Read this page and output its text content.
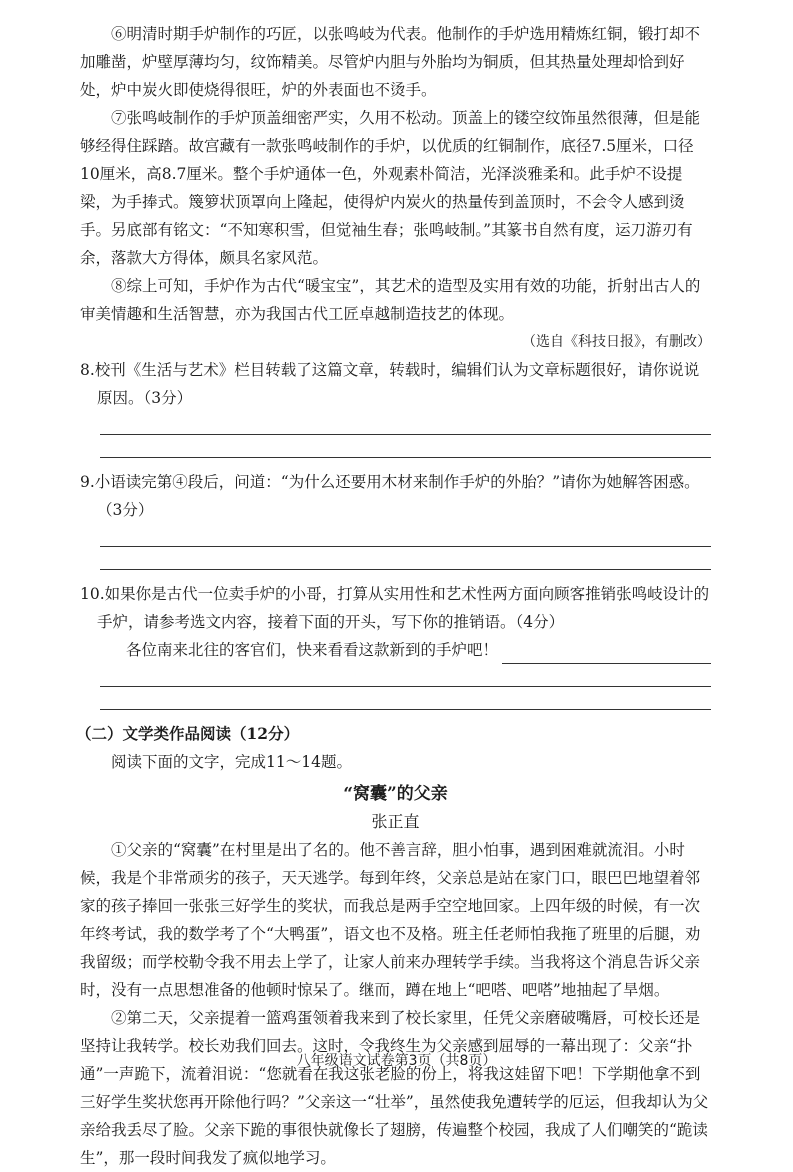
⑥明清时期手炉制作的巧匠，以张鸣岐为代表。他制作的手炉选用精炼红铜，锻打却不加雕凿，炉壁厚薄均匀，纹饰精美。尽管炉内胆与外胎均为铜质，但其热量处理却恰到好处，炉中炭火即使烧得很旺，炉的外表面也不烫手。

⑦张鸣岐制作的手炉顶盖细密严实，久用不松动。顶盖上的镂空纹饰虽然很薄，但是能够经得住踩踏。故宫藏有一款张鸣岐制作的手炉，以优质的红铜制作，底径7.5厘米，口径10厘米，高8.7厘米。整个手炉通体一色，外观素朴简洁，光泽淡雅柔和。此手炉不设提梁，为手捧式。篾箩状顶罩向上隆起，使得炉内炭火的热量传到盖顶时，不会令人感到烫手。另底部有铭文：“不知寒积雪，但觉袖生春；张鸣岐制。”其篆书自然有度，运刀游刃有余，落款大方得体，颇具名家风范。

⑧综上可知，手炉作为古代“暖宝宝”，其艺术的造型及实用有效的功能，折射出古人的审美情趣和生活智慧，亦为我国古代工匠卓越制造技艺的体现。

（选自《科技日报》，有删改）

8.校刊《生活与艺术》栏目转载了这篇文章，转载时，编辑们认为文章标题很好，请你说说原因。（3分）

9.小语读完第④段后，问道：“为什么还要用木材来制作手炉的外胎？”请你为她解答困惑。（3分）

10.如果你是古代一位卖手炉的小哥，打算从实用性和艺术性两方面向顾客推销张鸣岐设计的手炉，请参考选文内容，接着下面的开头，写下你的推销语。（4分）

各位南来北往的客官们，快来看看这款新到的手炉吧！

（二）文学类作品阅读（12分）

阅读下面的文字，完成11～14题。

“窝囊”的父亲

张正直

①父亲的“窝囊”在村里是出了名的。他不善言辞，胆小怕事，遇到困难就流泪。小时候，我是个非常顽劣的孩子，天天逃学。每到年终，父亲总是站在家门口，眼巴巴地望着邻家的孩子捧回一张张三好学生的奖状，而我总是两手空空地回家。上四年级的时候，有一次年终考试，我的数学考了个“大鸭蛋”，语文也不及格。班主任老师怕我拖了班里的后腿，劝我留级；而学校勒令我不用去上学了，让家人前来办理转学手续。当我将这个消息告诉父亲时，没有一点思想准备的他顿时惊呆了。继而，蹲在地上“吧嗒、吧嗒”地抽起了旱烟。

②第二天，父亲提着一篮鸡蛋领着我来到了校长家里，任凭父亲磨破嘴唇，可校长还是坚持让我转学。校长劝我们回去。这时，令我终生为父亲感到屈辱的一幕出现了：父亲“扑通”一声跪下，流着泪说：“您就看在我这张老脸的份上，将我这娃留下吧！下学期他拿不到三好学生奖状您再开除他行吗？”父亲这一“壮举”，虽然使我免遭转学的厄运，但我却认为父亲给我丢尽了脸。父亲下跪的事很快就像长了翅膀，传遍整个校园，我成了人们嘲笑的“跪读生”，那一段时间我发了疯似地学习。

八年级语文试卷第3页（共8页）
